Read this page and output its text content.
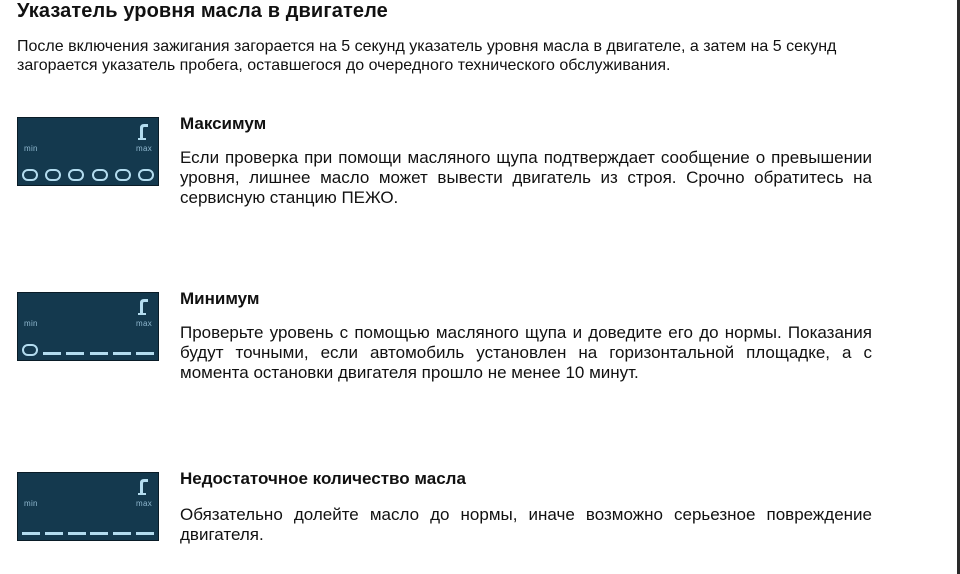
Указатель уровня масла в двигателе

После включения зажигания загорается на 5 секунд указатель уровня масла в двигателе, а затем на 5 секунд загорается указатель пробега, оставшегося до очередного технического обслуживания.

min	max

Максимум

Если проверка при помощи масляного щупа подтверждает сообщение о превышении уровня, лишнее масло может вывести двигатель из строя. Срочно обратитесь на сервисную станцию ПЕЖО.

min	max

Минимум

Проверьте уровень с помощью масляного щупа и доведите его до нормы. Показания будут точными, если автомобиль установлен на горизонтальной площадке, а с момента остановки двигателя прошло не менее 10 минут.

min	max

Недостаточное количество масла

Обязательно долейте масло до нормы, иначе возможно серьезное повреждение двигателя.
